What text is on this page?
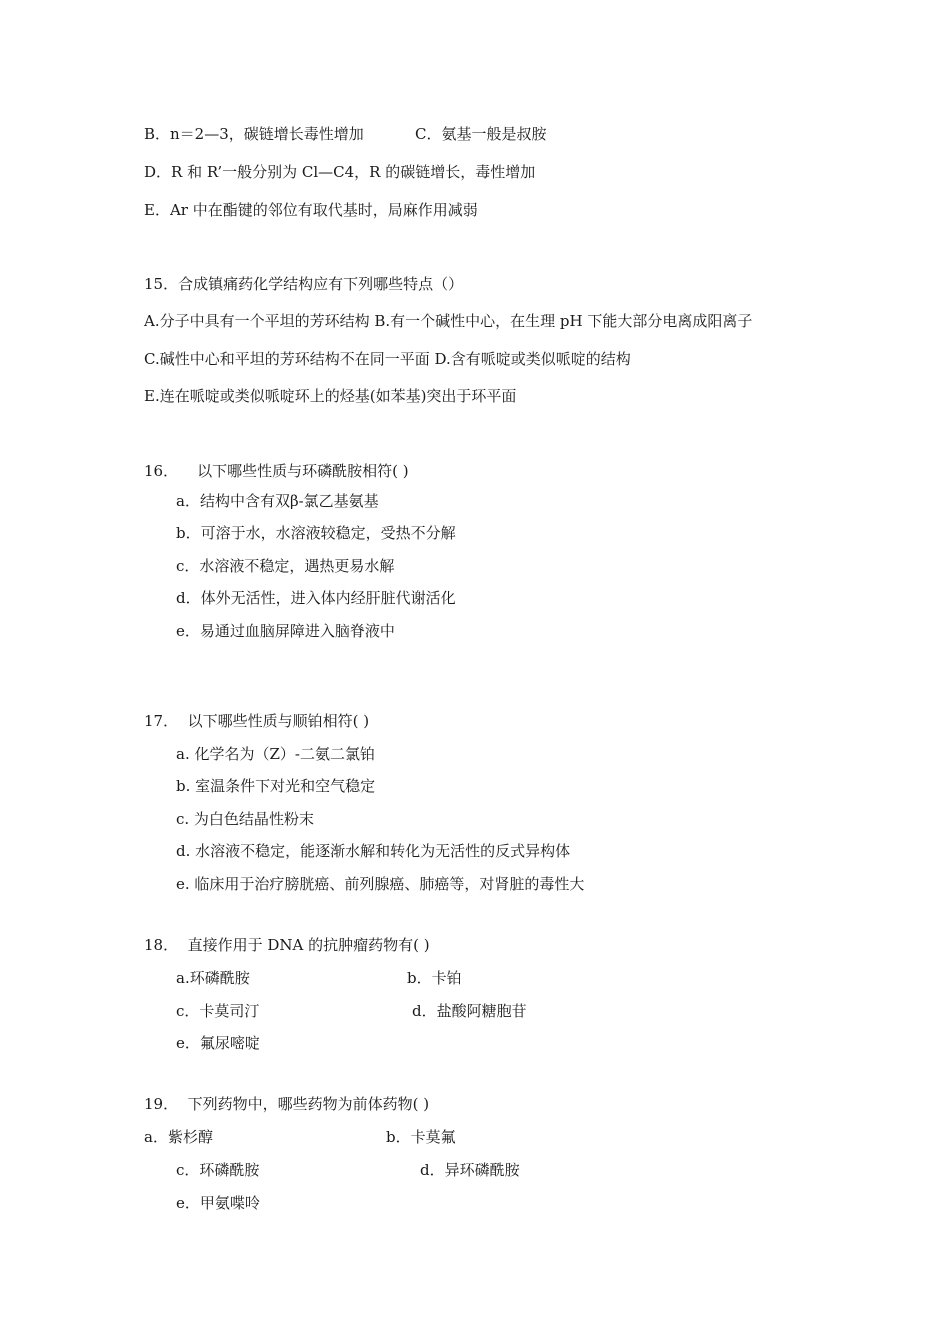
B．n＝2—3，碳链增长毒性增加	C．氨基一般是叔胺
D．R 和 R’一般分别为 Cl—C4，R 的碳链增长，毒性增加
E．Ar 中在酯键的邻位有取代基时，局麻作用减弱
15．合成镇痛药化学结构应有下列哪些特点（）
A.分子中具有一个平坦的芳环结构 B.有一个碱性中心，在生理 pH 下能大部分电离成阳离子
C.碱性中心和平坦的芳环结构不在同一平面 D.含有哌啶或类似哌啶的结构
E.连在哌啶或类似哌啶环上的烃基(如苯基)突出于环平面
16．    以下哪些性质与环磷酰胺相符( )
a．结构中含有双β-氯乙基氨基
b．可溶于水，水溶液较稳定，受热不分解
c．水溶液不稳定，遇热更易水解
d．体外无活性，进入体内经肝脏代谢活化
e．易通过血脑屏障进入脑脊液中
17．  以下哪些性质与顺铂相符( )
a. 化学名为（Z）-二氨二氯铂
b. 室温条件下对光和空气稳定
c. 为白色结晶性粉末
d. 水溶液不稳定，能逐渐水解和转化为无活性的反式异构体
e. 临床用于治疗膀胱癌、前列腺癌、肺癌等，对肾脏的毒性大
18．  直接作用于 DNA 的抗肿瘤药物有( )
a.环磷酰胺	b．卡铂
c．卡莫司汀	d．盐酸阿糖胞苷
e．氟尿嘧啶
19．  下列药物中，哪些药物为前体药物( )
a．紫杉醇	b．卡莫氟
c．环磷酰胺	d．异环磷酰胺
e．甲氨喋呤
